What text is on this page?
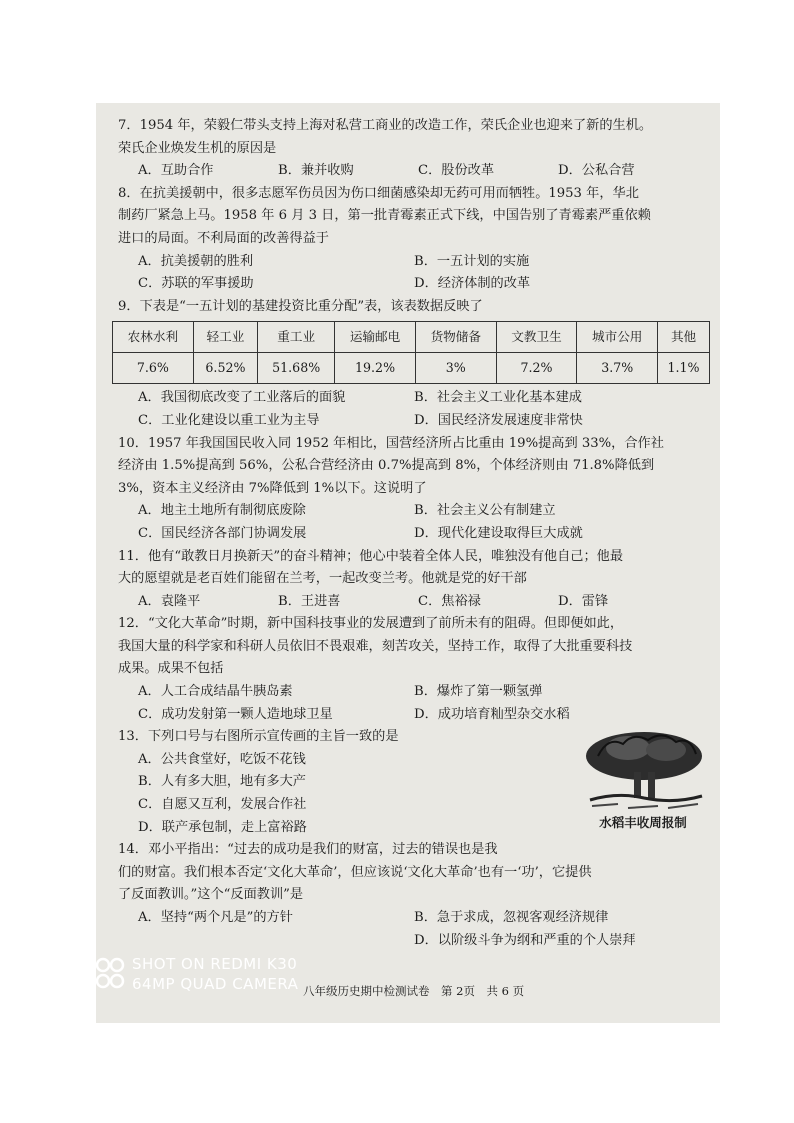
7．1954 年，荣毅仁带头支持上海对私营工商业的改造工作，荣氏企业也迎来了新的生机。

荣氏企业焕发生机的原因是

A．互助合作	B．兼并收购	C．股份改革	D．公私合营

8．在抗美援朝中，很多志愿军伤员因为伤口细菌感染却无药可用而牺牲。1953 年，华北

制药厂紧急上马。1958 年 6 月 3 日，第一批青霉素正式下线，中国告别了青霉素严重依赖

进口的局面。不利局面的改善得益于

A．抗美援朝的胜利	B．一五计划的实施
C．苏联的军事援助	D．经济体制的改革

9．下表是“一五计划的基建投资比重分配”表，该表数据反映了

农林水利	轻工业	重工业	运输邮电	货物储备	文教卫生	城市公用	其他
7.6%	6.52%	51.68%	19.2%	3%	7.2%	3.7%	1.1%
A．我国彻底改变了工业落后的面貌	B．社会主义工业化基本建成
C．工业化建设以重工业为主导	D．国民经济发展速度非常快

10．1957 年我国国民收入同 1952 年相比，国营经济所占比重由 19%提高到 33%，合作社

经济由 1.5%提高到 56%，公私合营经济由 0.7%提高到 8%，个体经济则由 71.8%降低到

3%，资本主义经济由 7%降低到 1%以下。这说明了

A．地主土地所有制彻底废除	B．社会主义公有制建立
C．国民经济各部门协调发展	D．现代化建设取得巨大成就

11．他有“敢教日月换新天”的奋斗精神；他心中装着全体人民，唯独没有他自己；他最

大的愿望就是老百姓们能留在兰考，一起改变兰考。他就是党的好干部

A．袁隆平	B．王进喜	C．焦裕禄	D．雷锋

12．“文化大革命”时期，新中国科技事业的发展遭到了前所未有的阻碍。但即便如此，

我国大量的科学家和科研人员依旧不畏艰难，刻苦攻关，坚持工作，取得了大批重要科技

成果。成果不包括

A．人工合成结晶牛胰岛素	B．爆炸了第一颗氢弹
C．成功发射第一颗人造地球卫星	D．成功培育籼型杂交水稻

13．下列口号与右图所示宣传画的主旨一致的是

A．公共食堂好，吃饭不花钱

B．人有多大胆，地有多大产

C．自愿又互利，发展合作社

D．联产承包制，走上富裕路	水稻丰收周报制

14．邓小平指出：“过去的成功是我们的财富，过去的错误也是我

们的财富。我们根本否定‘文化大革命’，但应该说‘文化大革命’也有一‘功’，它提供

了反面教训。”这个“反面教训”是

A．坚持“两个凡是”的方针	B．急于求成，忽视客观经济规律
D．以阶级斗争为纲和严重的个人崇拜
八年级历史期中检测试卷　第 2页　共 6 页
SHOT ON REDMI K30
64MP QUAD CAMERA
